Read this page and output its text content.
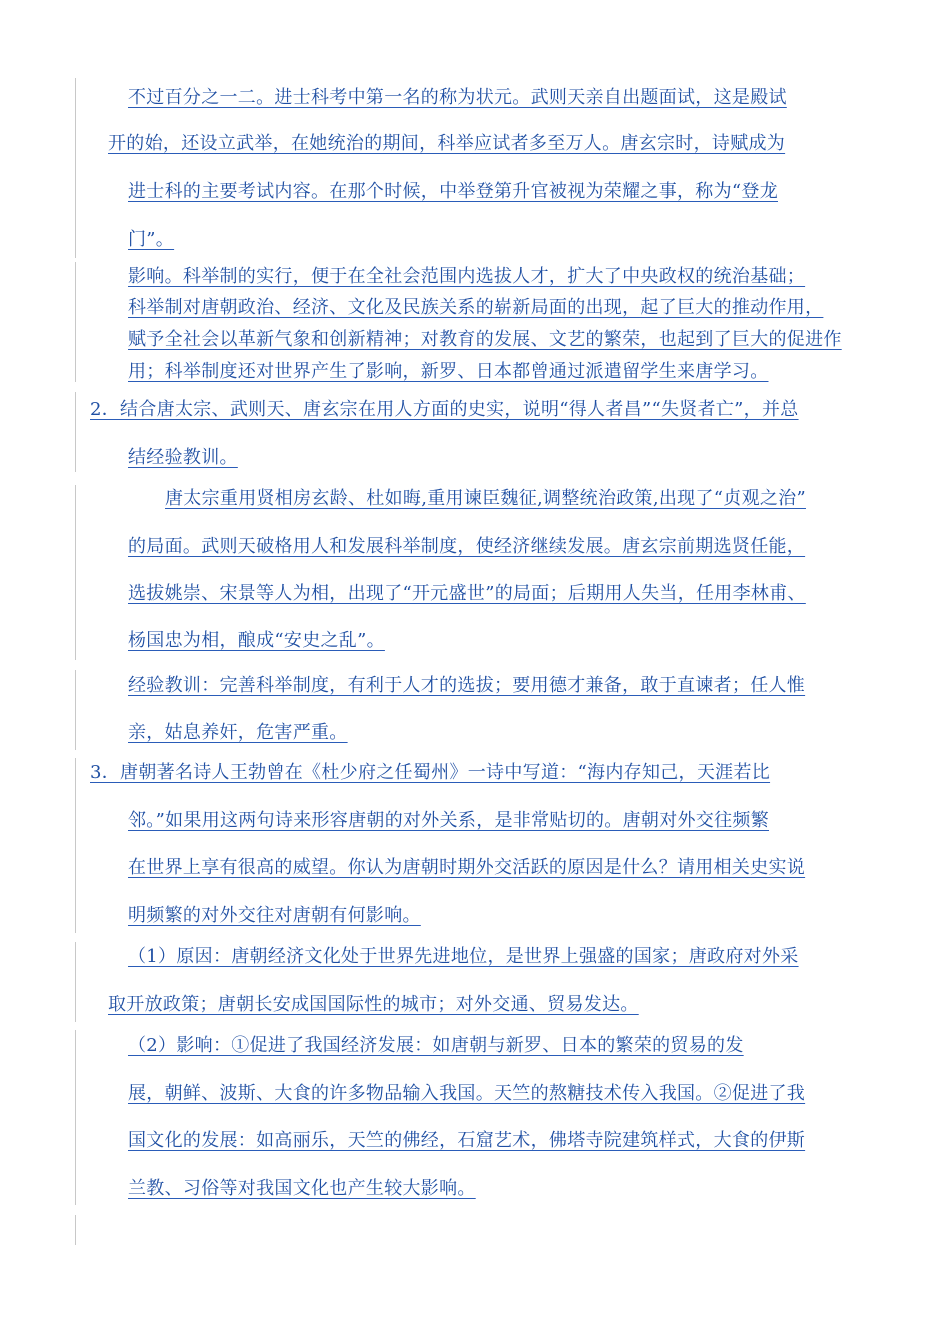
不过百分之一二。进士科考中第一名的称为状元。武则天亲自出题面试，这是殿试
开的始，还设立武举，在她统治的期间，科举应试者多至万人。唐玄宗时，诗赋成为
进士科的主要考试内容。在那个时候，中举登第升官被视为荣耀之事，称为“登龙
门”。
影响。科举制的实行，便于在全社会范围内选拔人才，扩大了中央政权的统治基础；
科举制对唐朝政治、经济、文化及民族关系的崭新局面的出现，起了巨大的推动作用，
赋予全社会以革新气象和创新精神；对教育的发展、文艺的繁荣，也起到了巨大的促进作
用；科举制度还对世界产生了影响，新罗、日本都曾通过派遣留学生来唐学习。
2．结合唐太宗、武则天、唐玄宗在用人方面的史实，说明“得人者昌”“失贤者亡”，并总
结经验教训。
唐太宗重用贤相房玄龄、杜如晦,重用谏臣魏征,调整统治政策,出现了“贞观之治”
的局面。武则天破格用人和发展科举制度，使经济继续发展。唐玄宗前期选贤任能，
选拔姚崇、宋景等人为相，出现了“开元盛世”的局面；后期用人失当，任用李林甫、
杨国忠为相，酿成“安史之乱”。
经验教训：完善科举制度，有利于人才的选拔；要用德才兼备，敢于直谏者；任人惟
亲，姑息养奸，危害严重。
3．唐朝著名诗人王勃曾在《杜少府之任蜀州》一诗中写道：“海内存知己，天涯若比
邻。”如果用这两句诗来形容唐朝的对外关系，是非常贴切的。唐朝对外交往频繁
在世界上享有很高的威望。你认为唐朝时期外交活跃的原因是什么？请用相关史实说
明频繁的对外交往对唐朝有何影响。
（1）原因：唐朝经济文化处于世界先进地位，是世界上强盛的国家；唐政府对外采
取开放政策；唐朝长安成国国际性的城市；对外交通、贸易发达。
（2）影响：①促进了我国经济发展：如唐朝与新罗、日本的繁荣的贸易的发
展，朝鲜、波斯、大食的许多物品输入我国。天竺的熬糖技术传入我国。②促进了我
国文化的发展：如高丽乐，天竺的佛经，石窟艺术，佛塔寺院建筑样式，大食的伊斯
兰教、习俗等对我国文化也产生较大影响。
